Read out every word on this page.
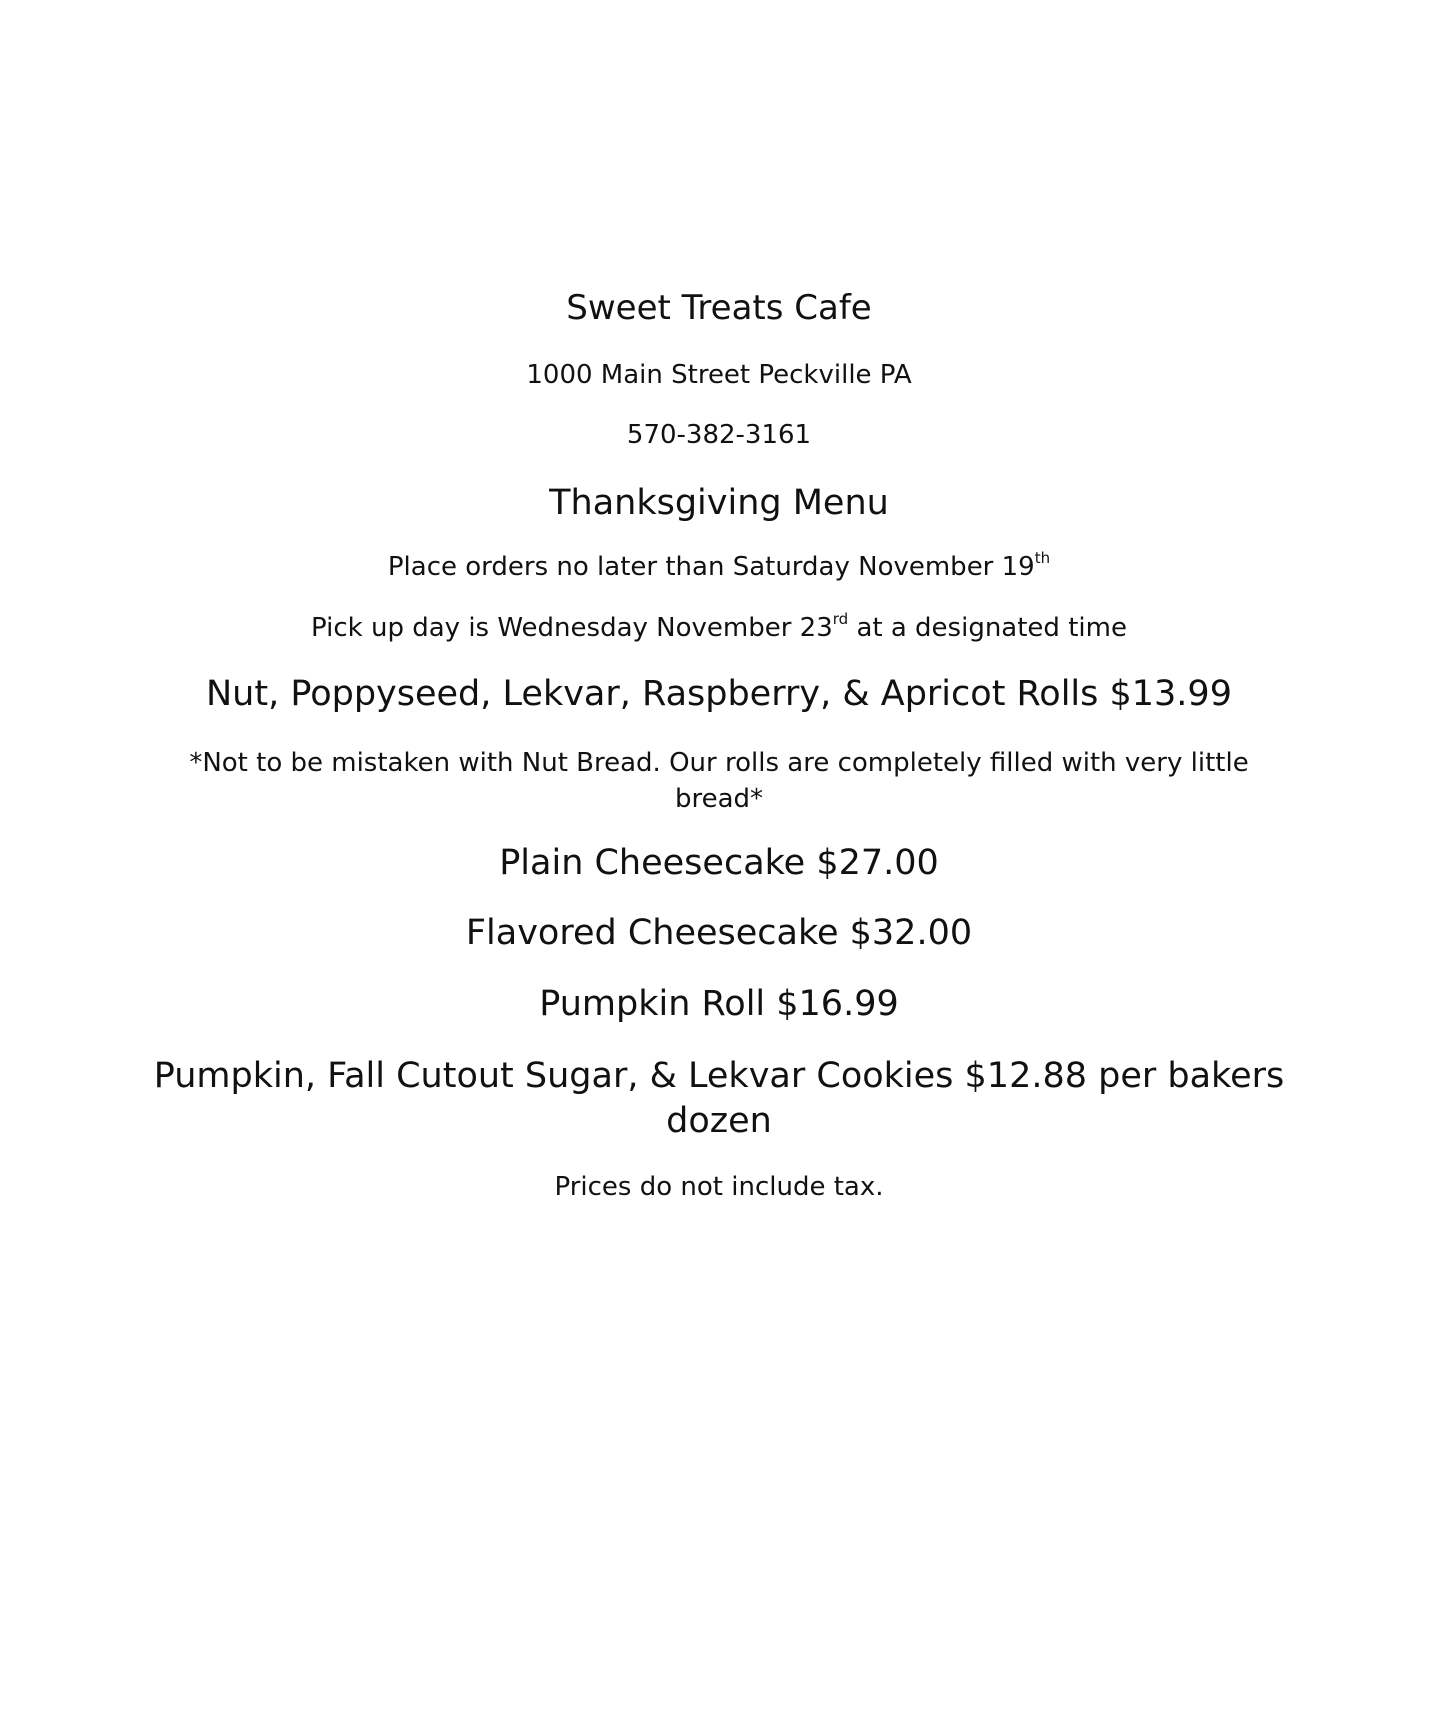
Sweet Treats Cafe
1000 Main Street Peckville PA
570-382-3161
Thanksgiving Menu
Place orders no later than Saturday November 19th
Pick up day is Wednesday November 23rd at a designated time
Nut, Poppyseed, Lekvar, Raspberry, & Apricot Rolls $13.99
*Not to be mistaken with Nut Bread. Our rolls are completely filled with very little bread*
Plain Cheesecake $27.00
Flavored Cheesecake $32.00
Pumpkin Roll $16.99
Pumpkin, Fall Cutout Sugar, & Lekvar Cookies $12.88 per bakers dozen
Prices do not include tax.
